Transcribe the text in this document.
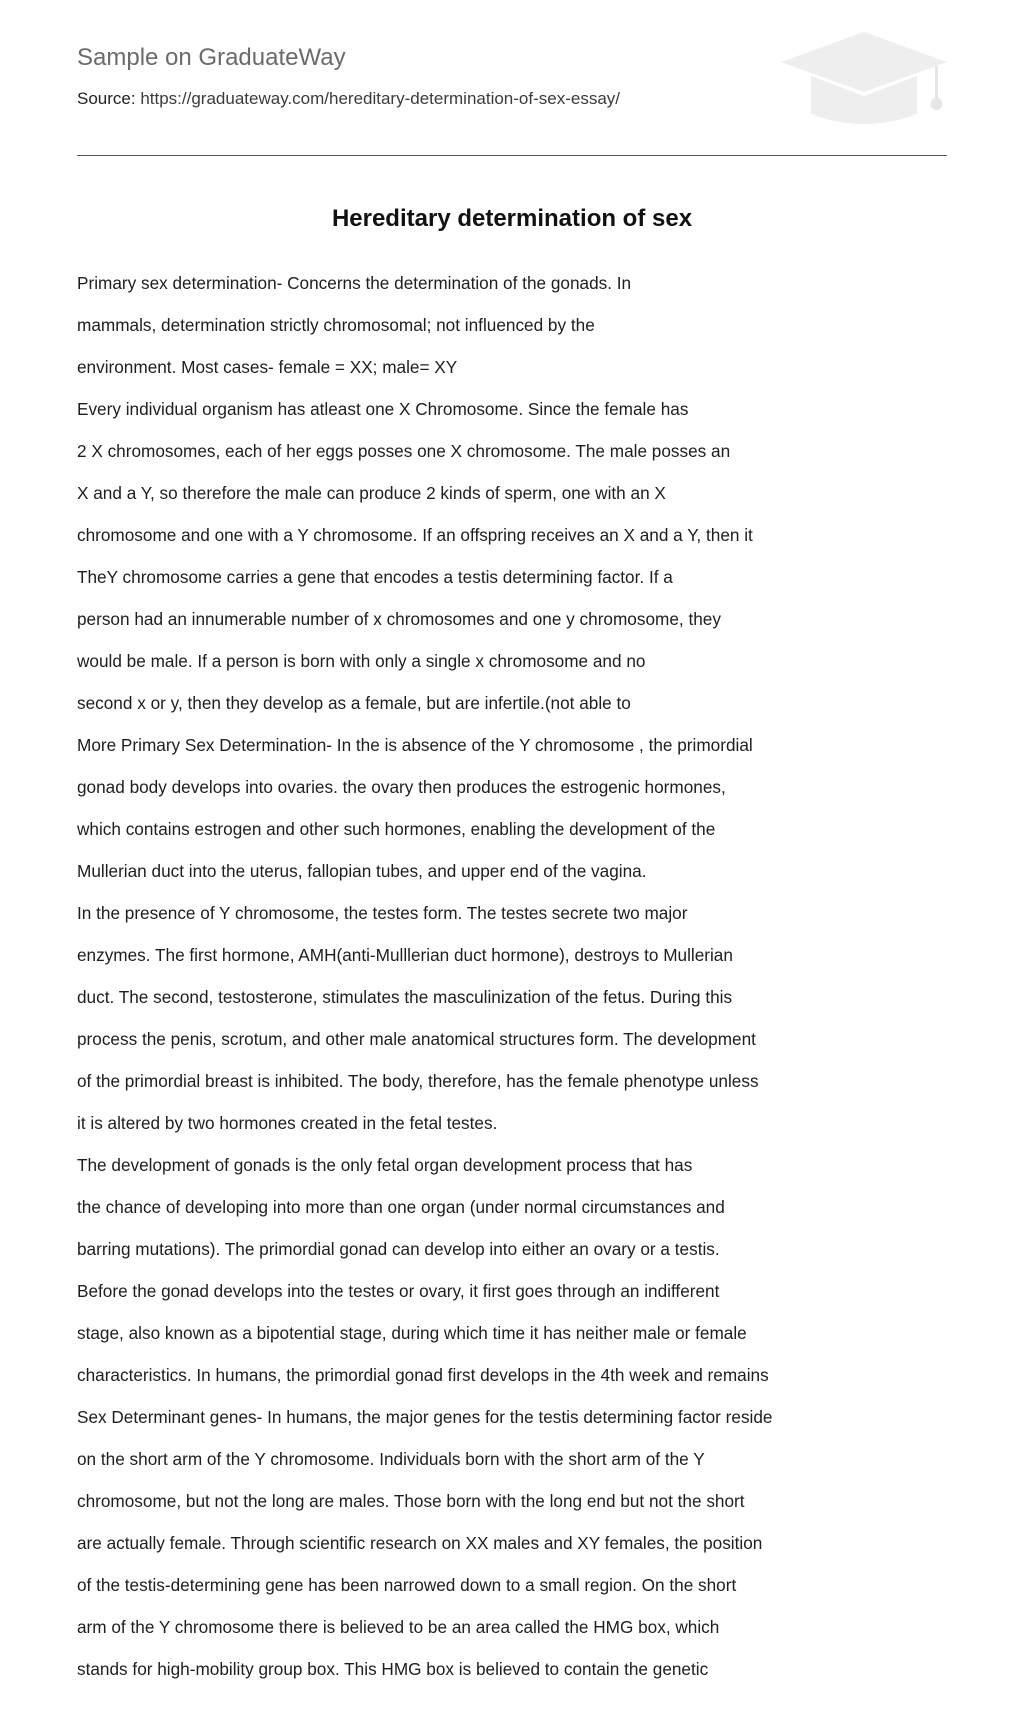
Sample on GraduateWay
Source: https://graduateway.com/hereditary-determination-of-sex-essay/
Hereditary determination of sex
Primary sex determination- Concerns the determination of the gonads. In
mammals, determination strictly chromosomal; not influenced by the
environment. Most cases- female = XX; male= XY
Every individual organism has atleast one X Chromosome. Since the female has
2 X chromosomes, each of her eggs posses one X chromosome. The male posses an
X and a Y, so therefore the male can produce 2 kinds of sperm, one with an X
chromosome and one with a Y chromosome. If an offspring receives an X and a Y, then it
TheY chromosome carries a gene that encodes a testis determining factor. If a
person had an innumerable number of x chromosomes and one y chromosome, they
would be male. If a person is born with only a single x chromosome and no
second x or y, then they develop as a female, but are infertile.(not able to
More Primary Sex Determination- In the is absence of the Y chromosome , the primordial
gonad body develops into ovaries. the ovary then produces the estrogenic hormones,
which contains estrogen and other such hormones, enabling the development of the
Mullerian duct into the uterus, fallopian tubes, and upper end of the vagina.
In the presence of Y chromosome, the testes form. The testes secrete two major
enzymes. The first hormone, AMH(anti-Mulllerian duct hormone), destroys to Mullerian
duct. The second, testosterone, stimulates the masculinization of the fetus. During this
process the penis, scrotum, and other male anatomical structures form. The development
of the primordial breast is inhibited. The body, therefore, has the female phenotype unless
it is altered by two hormones created in the fetal testes.
The development of gonads is the only fetal organ development process that has
the chance of developing into more than one organ (under normal circumstances and
barring mutations). The primordial gonad can develop into either an ovary or a testis.
Before the gonad develops into the testes or ovary, it first goes through an indifferent
stage, also known as a bipotential stage, during which time it has neither male or female
characteristics. In humans, the primordial gonad first develops in the 4th week and remains
Sex Determinant genes- In humans, the major genes for the testis determining factor reside
on the short arm of the Y chromosome. Individuals born with the short arm of the Y
chromosome, but not the long are males. Those born with the long end but not the short
are actually female. Through scientific research on XX males and XY females, the position
of the testis-determining gene has been narrowed down to a small region. On the short
arm of the Y chromosome there is believed to be an area called the HMG box, which
stands for high-mobility group box. This HMG box is believed to contain the genetic
